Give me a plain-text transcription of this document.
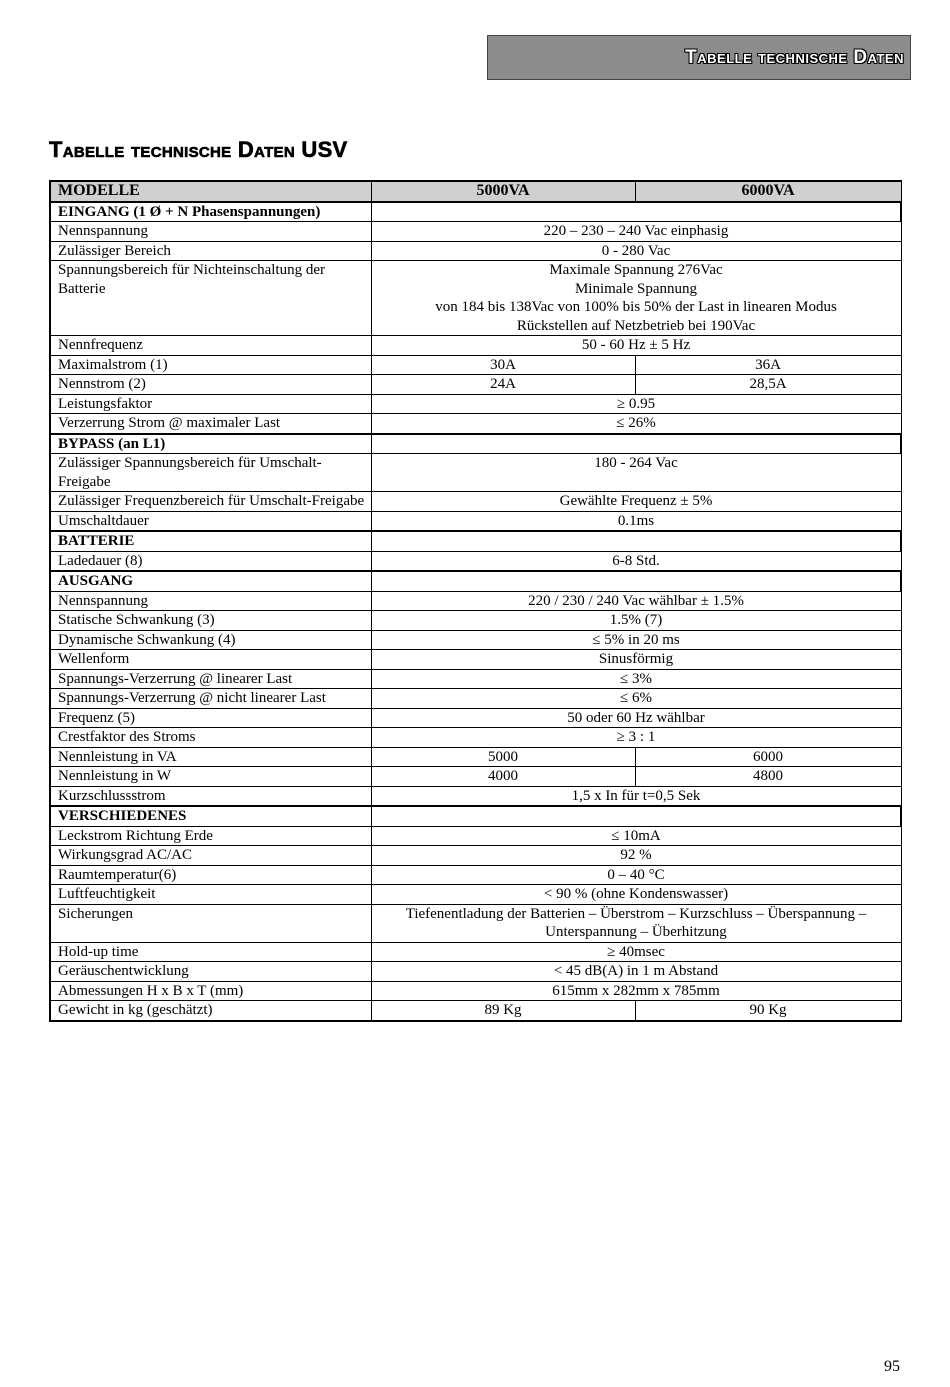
Tabelle technische Daten
Tabelle technische Daten USV
MODELLE	5000VA	6000VA
EINGANG (1 Ø + N Phasenspannungen)		
Nennspannung	220 – 230 – 240 Vac einphasig	
Zulässiger Bereich	0 - 280 Vac	
Spannungsbereich für Nichteinschaltung der Batterie	Maximale Spannung 276Vac
Minimale Spannung
von 184 bis 138Vac von 100% bis 50% der Last in linearen Modus
Rückstellen auf Netzbetrieb bei 190Vac	

Nennfrequenz	50 - 60 Hz ± 5 Hz	
Maximalstrom (1)	30A	36A
Nennstrom (2)	24A	28,5A
Leistungsfaktor	≥ 0.95	
Verzerrung Strom @ maximaler Last	≤ 26%	
BYPASS (an L1)		
Zulässiger Spannungsbereich für Umschalt-Freigabe	180 - 264 Vac	
Zulässiger Frequenzbereich für Umschalt-Freigabe	Gewählte Frequenz ± 5%	
Umschaltdauer	0.1ms	
BATTERIE		
Ladedauer (8)	6-8 Std.	
AUSGANG		
Nennspannung	220 / 230 / 240 Vac wählbar ± 1.5%	
Statische Schwankung (3)	1.5% (7)	
Dynamische Schwankung (4)	≤ 5% in 20 ms	
Wellenform	Sinusförmig	
Spannungs-Verzerrung @ linearer Last	≤ 3%	
Spannungs-Verzerrung @ nicht linearer Last	≤ 6%	
Frequenz (5)	50 oder 60 Hz wählbar	
Crestfaktor des Stroms	≥ 3 : 1	
Nennleistung in VA	5000	6000
Nennleistung in W	4000	4800
Kurzschlussstrom	1,5 x In für t=0,5 Sek	
VERSCHIEDENES		
Leckstrom Richtung Erde	≤ 10mA	
Wirkungsgrad AC/AC	92 %	
Raumtemperatur(6)	0 – 40 °C	
Luftfeuchtigkeit	< 90 % (ohne Kondenswasser)	
Sicherungen	Tiefenentladung der Batterien – Überstrom – Kurzschluss – Überspannung – Unterspannung – Überhitzung	
Hold-up time	≥ 40msec	
Geräuschentwicklung	< 45 dB(A) in 1 m Abstand	
Abmessungen H x B x T (mm)	615mm x 282mm x 785mm	
Gewicht in kg (geschätzt)	89 Kg	90 Kg
95
